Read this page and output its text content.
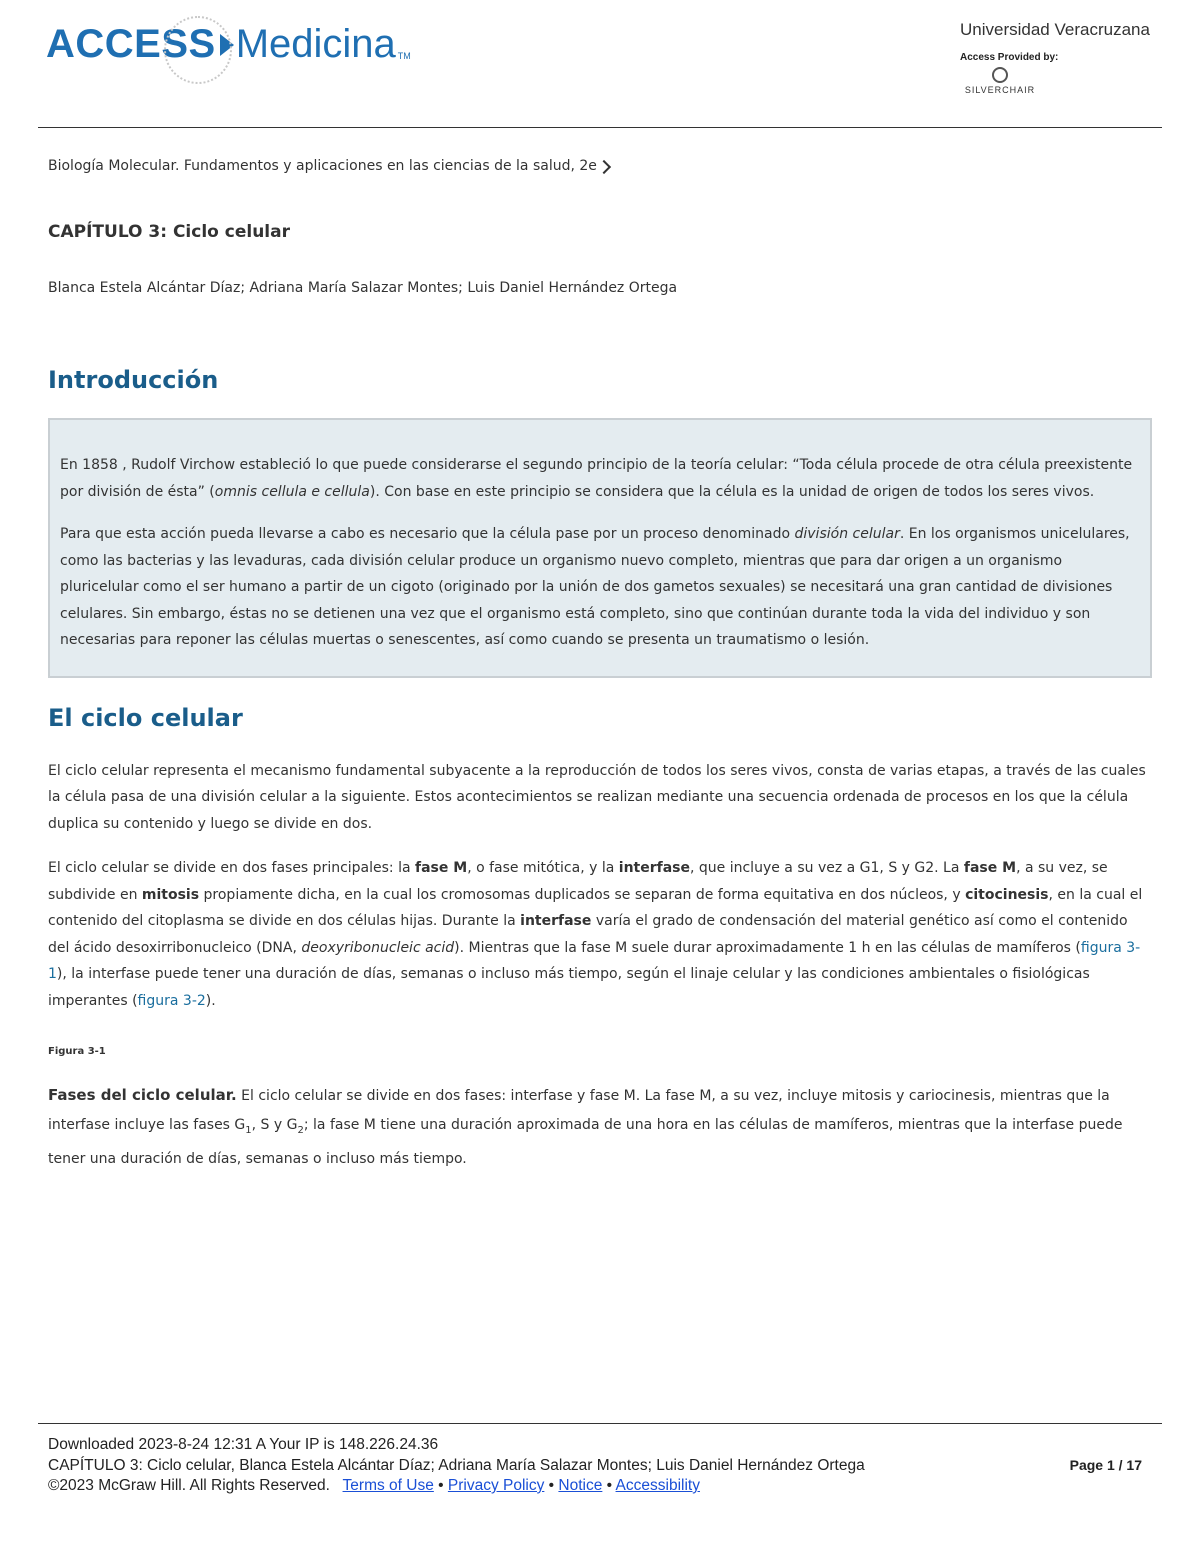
ACCESS Medicina TM
Universidad Veracruzana
Access Provided by:
SILVERCHAIR
Biología Molecular. Fundamentos y aplicaciones en las ciencias de la salud, 2e
CAPÍTULO 3: Ciclo celular
Blanca Estela Alcántar Díaz; Adriana María Salazar Montes; Luis Daniel Hernández Ortega
Introducción

En 1858 , Rudolf Virchow estableció lo que puede considerarse el segundo principio de la teoría celular: “Toda célula procede de otra célula preexistente por división de ésta” (omnis cellula e cellula). Con base en este principio se considera que la célula es la unidad de origen de todos los seres vivos.

Para que esta acción pueda llevarse a cabo es necesario que la célula pase por un proceso denominado división celular. En los organismos unicelulares, como las bacterias y las levaduras, cada división celular produce un organismo nuevo completo, mientras que para dar origen a un organismo pluricelular como el ser humano a partir de un cigoto (originado por la unión de dos gametos sexuales) se necesitará una gran cantidad de divisiones celulares. Sin embargo, éstas no se detienen una vez que el organismo está completo, sino que continúan durante toda la vida del individuo y son necesarias para reponer las células muertas o senescentes, así como cuando se presenta un traumatismo o lesión.

El ciclo celular

El ciclo celular representa el mecanismo fundamental subyacente a la reproducción de todos los seres vivos, consta de varias etapas, a través de las cuales la célula pasa de una división celular a la siguiente. Estos acontecimientos se realizan mediante una secuencia ordenada de procesos en los que la célula duplica su contenido y luego se divide en dos.

El ciclo celular se divide en dos fases principales: la fase M, o fase mitótica, y la interfase, que incluye a su vez a G1, S y G2. La fase M, a su vez, se subdivide en mitosis propiamente dicha, en la cual los cromosomas duplicados se separan de forma equitativa en dos núcleos, y citocinesis, en la cual el contenido del citoplasma se divide en dos células hijas. Durante la interfase varía el grado de condensación del material genético así como el contenido del ácido desoxirribonucleico (DNA, deoxyribonucleic acid). Mientras que la fase M suele durar aproximadamente 1 h en las células de mamíferos (figura 3-1), la interfase puede tener una duración de días, semanas o incluso más tiempo, según el linaje celular y las condiciones ambientales o fisiológicas imperantes (figura 3-2).

Figura 3-1
Fases del ciclo celular. El ciclo celular se divide en dos fases: interfase y fase M. La fase M, a su vez, incluye mitosis y cariocinesis, mientras que la interfase incluye las fases $G_1$, S y $G_2$; la fase M tiene una duración aproximada de una hora en las células de mamíferos, mientras que la interfase puede tener una duración de días, semanas o incluso más tiempo.
Downloaded 2023-8-24 12:31 A Your IP is 148.226.24.36
CAPÍTULO 3: Ciclo celular, Blanca Estela Alcántar Díaz; Adriana María Salazar Montes; Luis Daniel Hernández Ortega
©2023 McGraw Hill. All Rights Reserved. Terms of Use • Privacy Policy • Notice • Accessibility
Page 1 / 17
